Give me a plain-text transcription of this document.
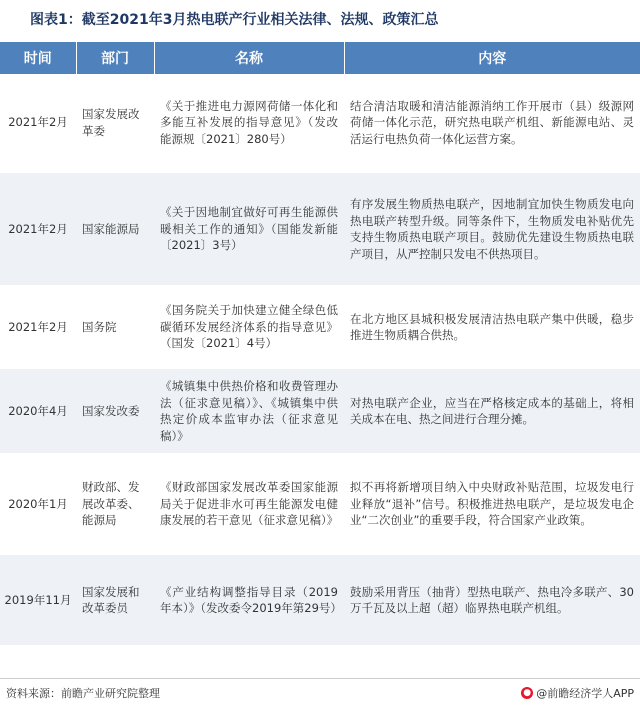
图表1：截至2021年3月热电联产行业相关法律、法规、政策汇总
时间	部门	名称	内容
2021年2月	国家发展改革委	《关于推进电力源网荷储一体化和多能互补发展的指导意见》（发改能源规〔2021〕280号）	结合清洁取暖和清洁能源消纳工作开展市（县）级源网荷储一体化示范，研究热电联产机组、新能源电站、灵活运行电热负荷一体化运营方案。
2021年2月	国家能源局	《关于因地制宜做好可再生能源供暖相关工作的通知》（国能发新能〔2021〕3号）	有序发展生物质热电联产，因地制宜加快生物质发电向热电联产转型升级。同等条件下，生物质发电补贴优先支持生物质热电联产项目。鼓励优先建设生物质热电联产项目，从严控制只发电不供热项目。
2021年2月	国务院	《国务院关于加快建立健全绿色低碳循环发展经济体系的指导意见》（国发〔2021〕4号）	在北方地区县城积极发展清洁热电联产集中供暖，稳步推进生物质耦合供热。
2020年4月	国家发改委	《城镇集中供热价格和收费管理办法（征求意见稿）》、《城镇集中供热定价成本监审办法（征求意见稿）》	对热电联产企业，应当在严格核定成本的基础上，将相关成本在电、热之间进行合理分摊。
2020年1月	财政部、发展改革委、能源局	《财政部国家发展改革委国家能源局关于促进非水可再生能源发电健康发展的若干意见（征求意见稿）》	拟不再将新增项目纳入中央财政补贴范围，垃圾发电行业释放“退补”信号。积极推进热电联产，是垃圾发电企业“二次创业”的重要手段，符合国家产业政策。
2019年11月	国家发展和改革委员	《产业结构调整指导目录（2019年本）》（发改委令2019年第29号）	鼓励采用背压（抽背）型热电联产、热电冷多联产、30万千瓦及以上超（超）临界热电联产机组。
资料来源：前瞻产业研究院整理	● @前瞻经济学人APP
